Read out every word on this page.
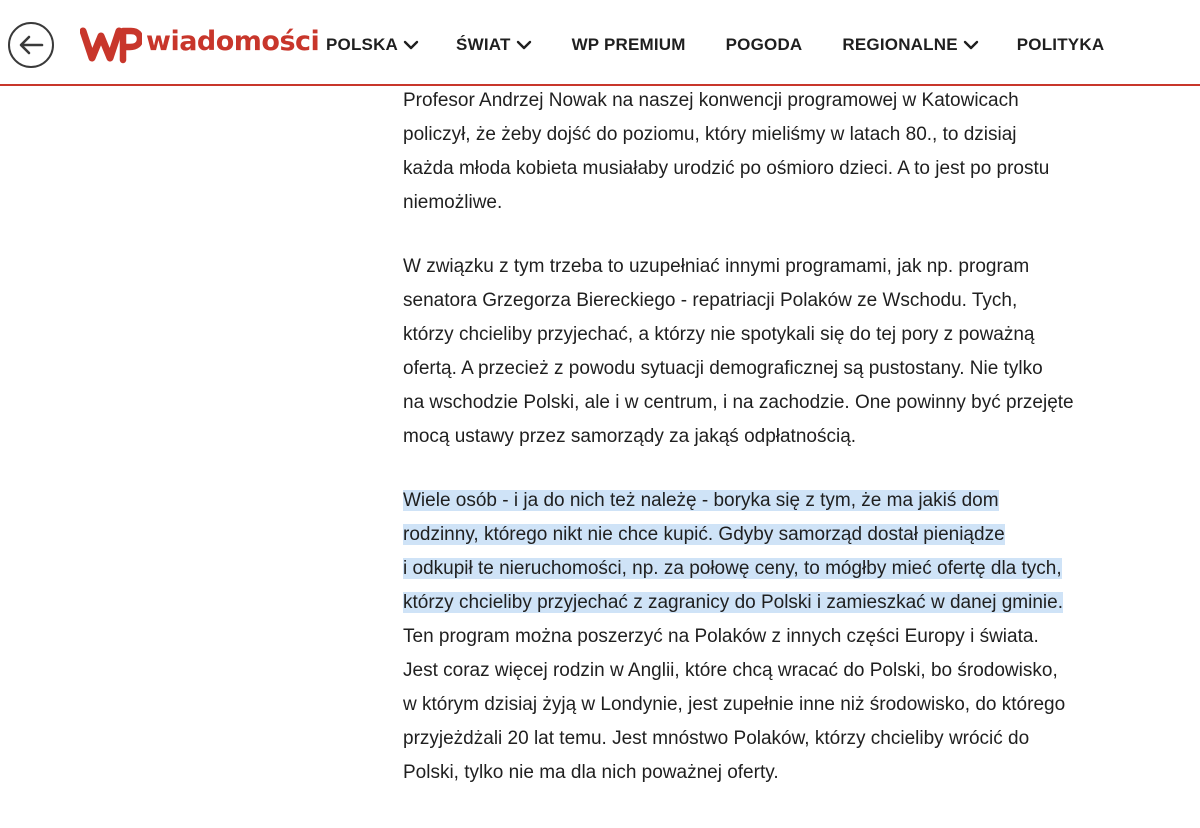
wiadomości POLSKA	ŚWIAT	WP PREMIUM POGODA REGIONALNE	POLITYKA

Profesor Andrzej Nowak na naszej konwencji programowej w Katowicach
policzył, że żeby dojść do poziomu, który mieliśmy w latach 80., to dzisiaj
każda młoda kobieta musiałaby urodzić po ośmioro dzieci. A to jest po prostu
niemożliwe.

W związku z tym trzeba to uzupełniać innymi programami, jak np. program
senatora Grzegorza Biereckiego - repatriacji Polaków ze Wschodu. Tych,
którzy chcieliby przyjechać, a którzy nie spotykali się do tej pory z poważną
ofertą. A przecież z powodu sytuacji demograficznej są pustostany. Nie tylko
na wschodzie Polski, ale i w centrum, i na zachodzie. One powinny być przejęte
mocą ustawy przez samorządy za jakąś odpłatnością.

Wiele osób - i ja do nich też należę - boryka się z tym, że ma jakiś dom
rodzinny, którego nikt nie chce kupić. Gdyby samorząd dostał pieniądze
i odkupił te nieruchomości, np. za połowę ceny, to mógłby mieć ofertę dla tych,
którzy chcieliby przyjechać z zagranicy do Polski i zamieszkać w danej gminie.
Ten program można poszerzyć na Polaków z innych części Europy i świata.
Jest coraz więcej rodzin w Anglii, które chcą wracać do Polski, bo środowisko,
w którym dzisiaj żyją w Londynie, jest zupełnie inne niż środowisko, do którego
przyjeżdżali 20 lat temu. Jest mnóstwo Polaków, którzy chcieliby wrócić do
Polski, tylko nie ma dla nich poważnej oferty.
